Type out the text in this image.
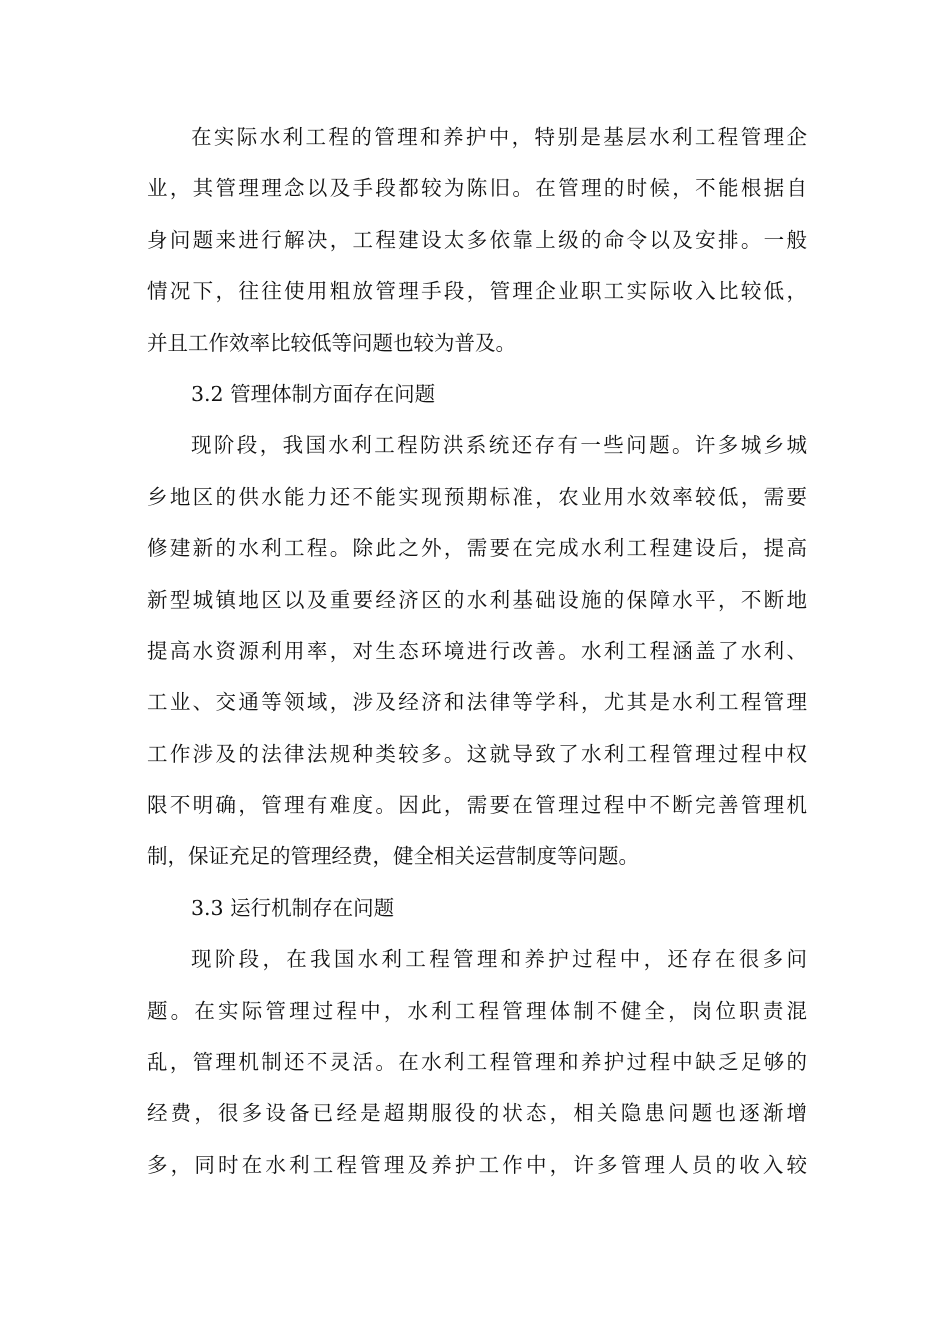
在实际水利工程的管理和养护中，特别是基层水利工程管理企
业，其管理理念以及手段都较为陈旧。在管理的时候，不能根据自
身问题来进行解决，工程建设太多依靠上级的命令以及安排。一般
情况下，往往使用粗放管理手段，管理企业职工实际收入比较低，
并且工作效率比较低等问题也较为普及。
3.2 管理体制方面存在问题
现阶段，我国水利工程防洪系统还存有一些问题。许多城乡城
乡地区的供水能力还不能实现预期标准，农业用水效率较低，需要
修建新的水利工程。除此之外，需要在完成水利工程建设后，提高
新型城镇地区以及重要经济区的水利基础设施的保障水平，不断地
提高水资源利用率，对生态环境进行改善。水利工程涵盖了水利、
工业、交通等领域，涉及经济和法律等学科，尤其是水利工程管理
工作涉及的法律法规种类较多。这就导致了水利工程管理过程中权
限不明确，管理有难度。因此，需要在管理过程中不断完善管理机
制，保证充足的管理经费，健全相关运营制度等问题。
3.3 运行机制存在问题
现阶段，在我国水利工程管理和养护过程中，还存在很多问
题。在实际管理过程中，水利工程管理体制不健全，岗位职责混
乱，管理机制还不灵活。在水利工程管理和养护过程中缺乏足够的
经费，很多设备已经是超期服役的状态，相关隐患问题也逐渐增
多，同时在水利工程管理及养护工作中，许多管理人员的收入较
